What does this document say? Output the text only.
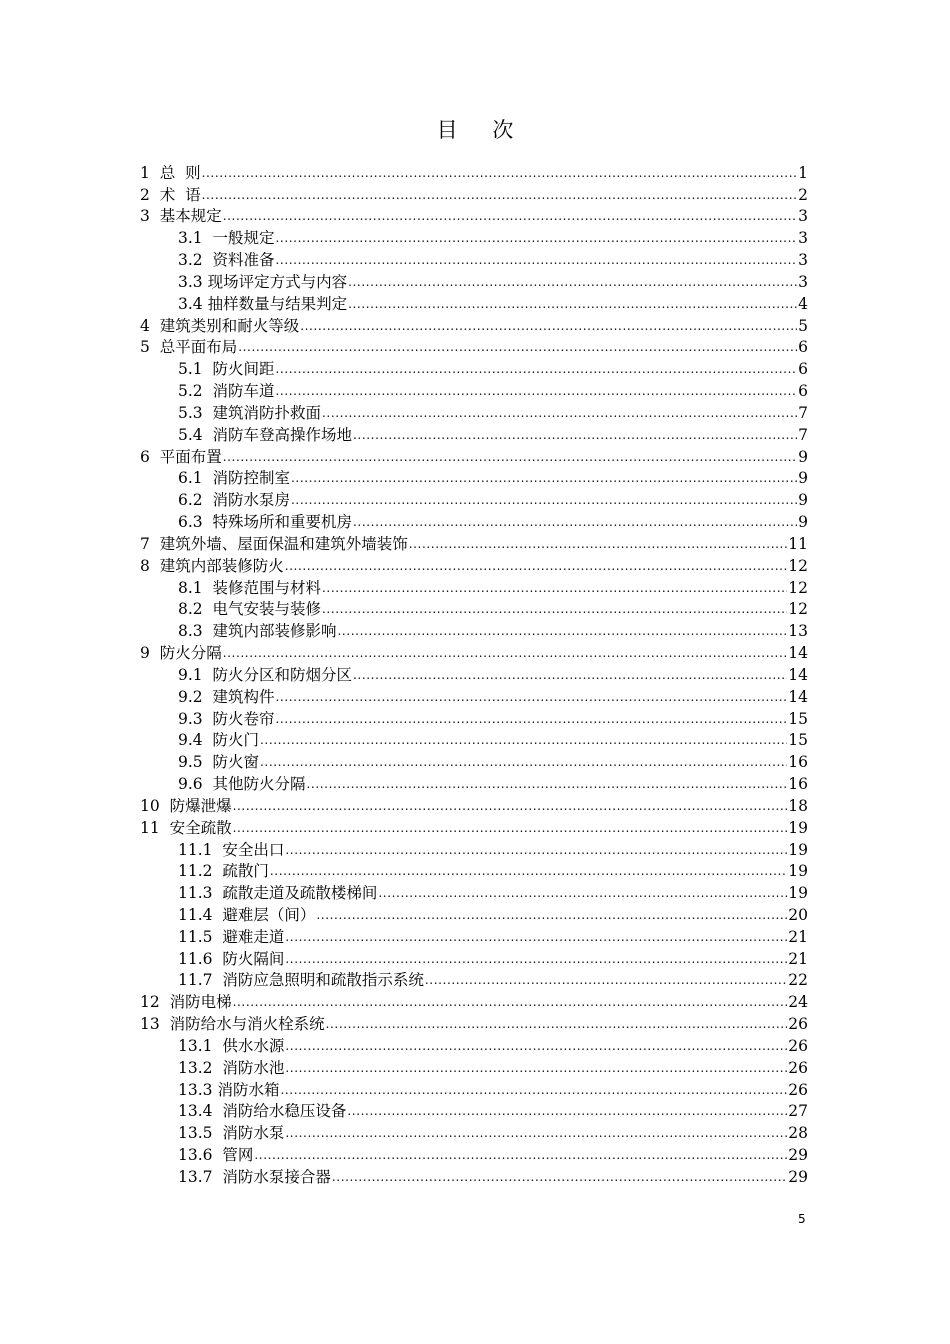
目 次
1  总  则 .....	1
2  术  语 .....	2
3  基本规定 .....	3
3.1  一般规定 .....	3
3.2  资料准备 .....	3
3.3 现场评定方式与内容 .....	3
3.4 抽样数量与结果判定 .....	4
4  建筑类别和耐火等级 .....	5
5  总平面布局 .....	6
5.1  防火间距 .....	6
5.2  消防车道 .....	6
5.3  建筑消防扑救面 .....	7
5.4  消防车登高操作场地 .....	7
6  平面布置 .....	9
6.1  消防控制室 .....	9
6.2  消防水泵房 .....	9
6.3  特殊场所和重要机房 .....	9
7  建筑外墙、屋面保温和建筑外墙装饰 .....	11
8  建筑内部装修防火 .....	12
8.1  装修范围与材料 .....	12
8.2  电气安装与装修 .....	12
8.3  建筑内部装修影响 .....	13
9  防火分隔 .....	14
9.1  防火分区和防烟分区 .....	14
9.2  建筑构件 .....	14
9.3  防火卷帘 .....	15
9.4  防火门 .....	15
9.5  防火窗 .....	16
9.6  其他防火分隔 .....	16
10  防爆泄爆 .....	18
11  安全疏散 .....	19
11.1  安全出口 .....	19
11.2  疏散门 .....	19
11.3  疏散走道及疏散楼梯间 .....	19
11.4  避难层（间） .....	20
11.5  避难走道 .....	21
11.6  防火隔间 .....	21
11.7  消防应急照明和疏散指示系统 .....	22
12  消防电梯 .....	24
13  消防给水与消火栓系统 .....	26
13.1  供水水源 .....	26
13.2  消防水池 .....	26
13.3 消防水箱 .....	26
13.4  消防给水稳压设备 .....	27
13.5  消防水泵 .....	28
13.6  管网 .....	29
13.7  消防水泵接合器 .....	29
5
